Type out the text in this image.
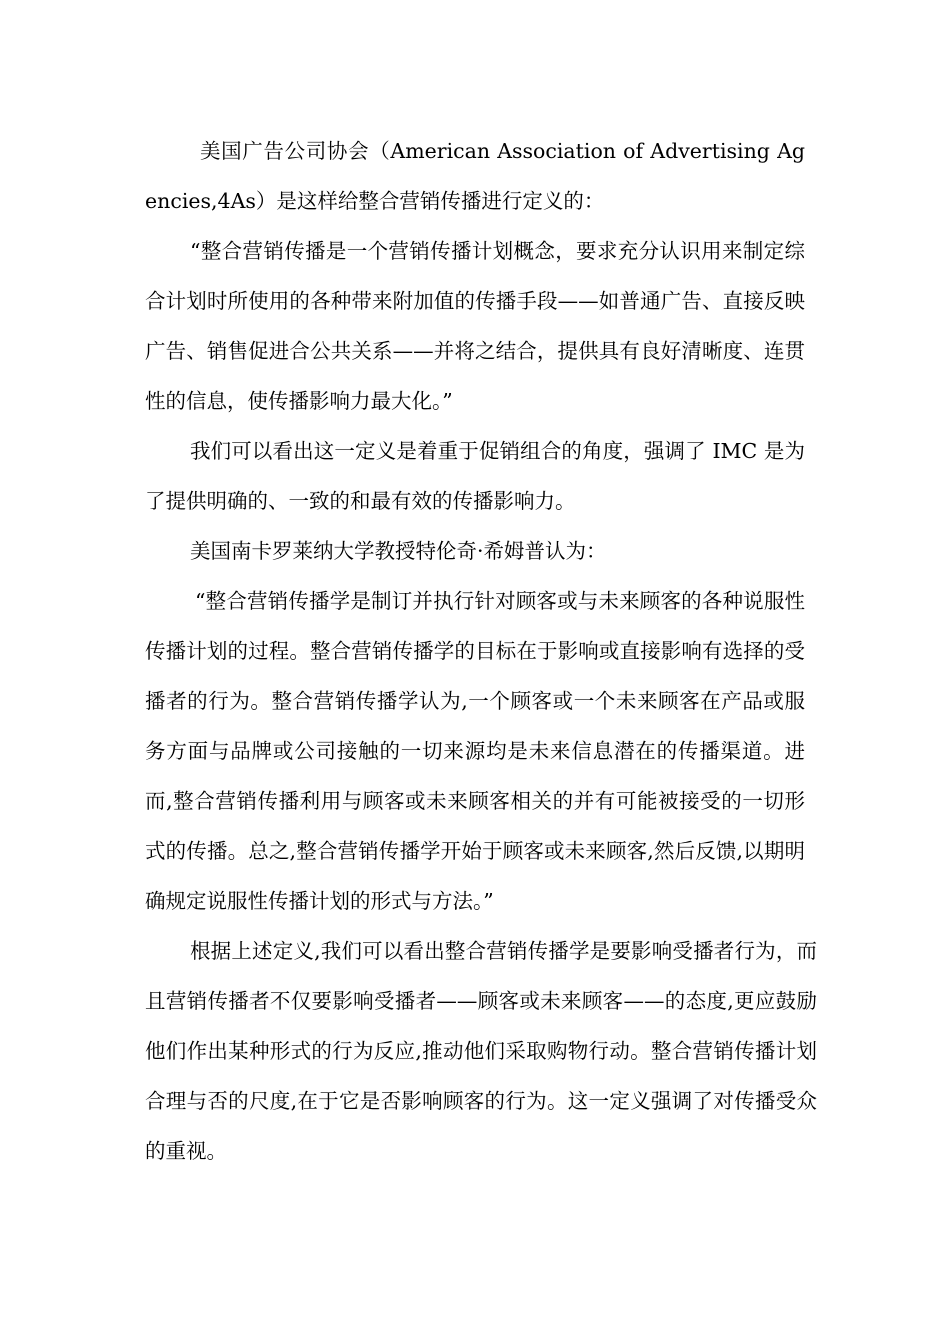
美国广告公司协会（American Association of Advertising Agencies,4As）是这样给整合营销传播进行定义的：

“整合营销传播是一个营销传播计划概念，要求充分认识用来制定综合计划时所使用的各种带来附加值的传播手段——如普通广告、直接反映广告、销售促进合公共关系——并将之结合，提供具有良好清晰度、连贯性的信息，使传播影响力最大化。”

我们可以看出这一定义是着重于促销组合的角度，强调了 IMC 是为了提供明确的、一致的和最有效的传播影响力。

美国南卡罗莱纳大学教授特伦奇·希姆普认为：

“整合营销传播学是制订并执行针对顾客或与未来顾客的各种说服性传播计划的过程。整合营销传播学的目标在于影响或直接影响有选择的受播者的行为。整合营销传播学认为,一个顾客或一个未来顾客在产品或服务方面与品牌或公司接触的一切来源均是未来信息潜在的传播渠道。进而,整合营销传播利用与顾客或未来顾客相关的并有可能被接受的一切形式的传播。总之,整合营销传播学开始于顾客或未来顾客,然后反馈,以期明确规定说服性传播计划的形式与方法。”

根据上述定义,我们可以看出整合营销传播学是要影响受播者行为，而且营销传播者不仅要影响受播者——顾客或未来顾客——的态度,更应鼓励他们作出某种形式的行为反应,推动他们采取购物行动。整合营销传播计划合理与否的尺度,在于它是否影响顾客的行为。这一定义强调了对传播受众的重视。
